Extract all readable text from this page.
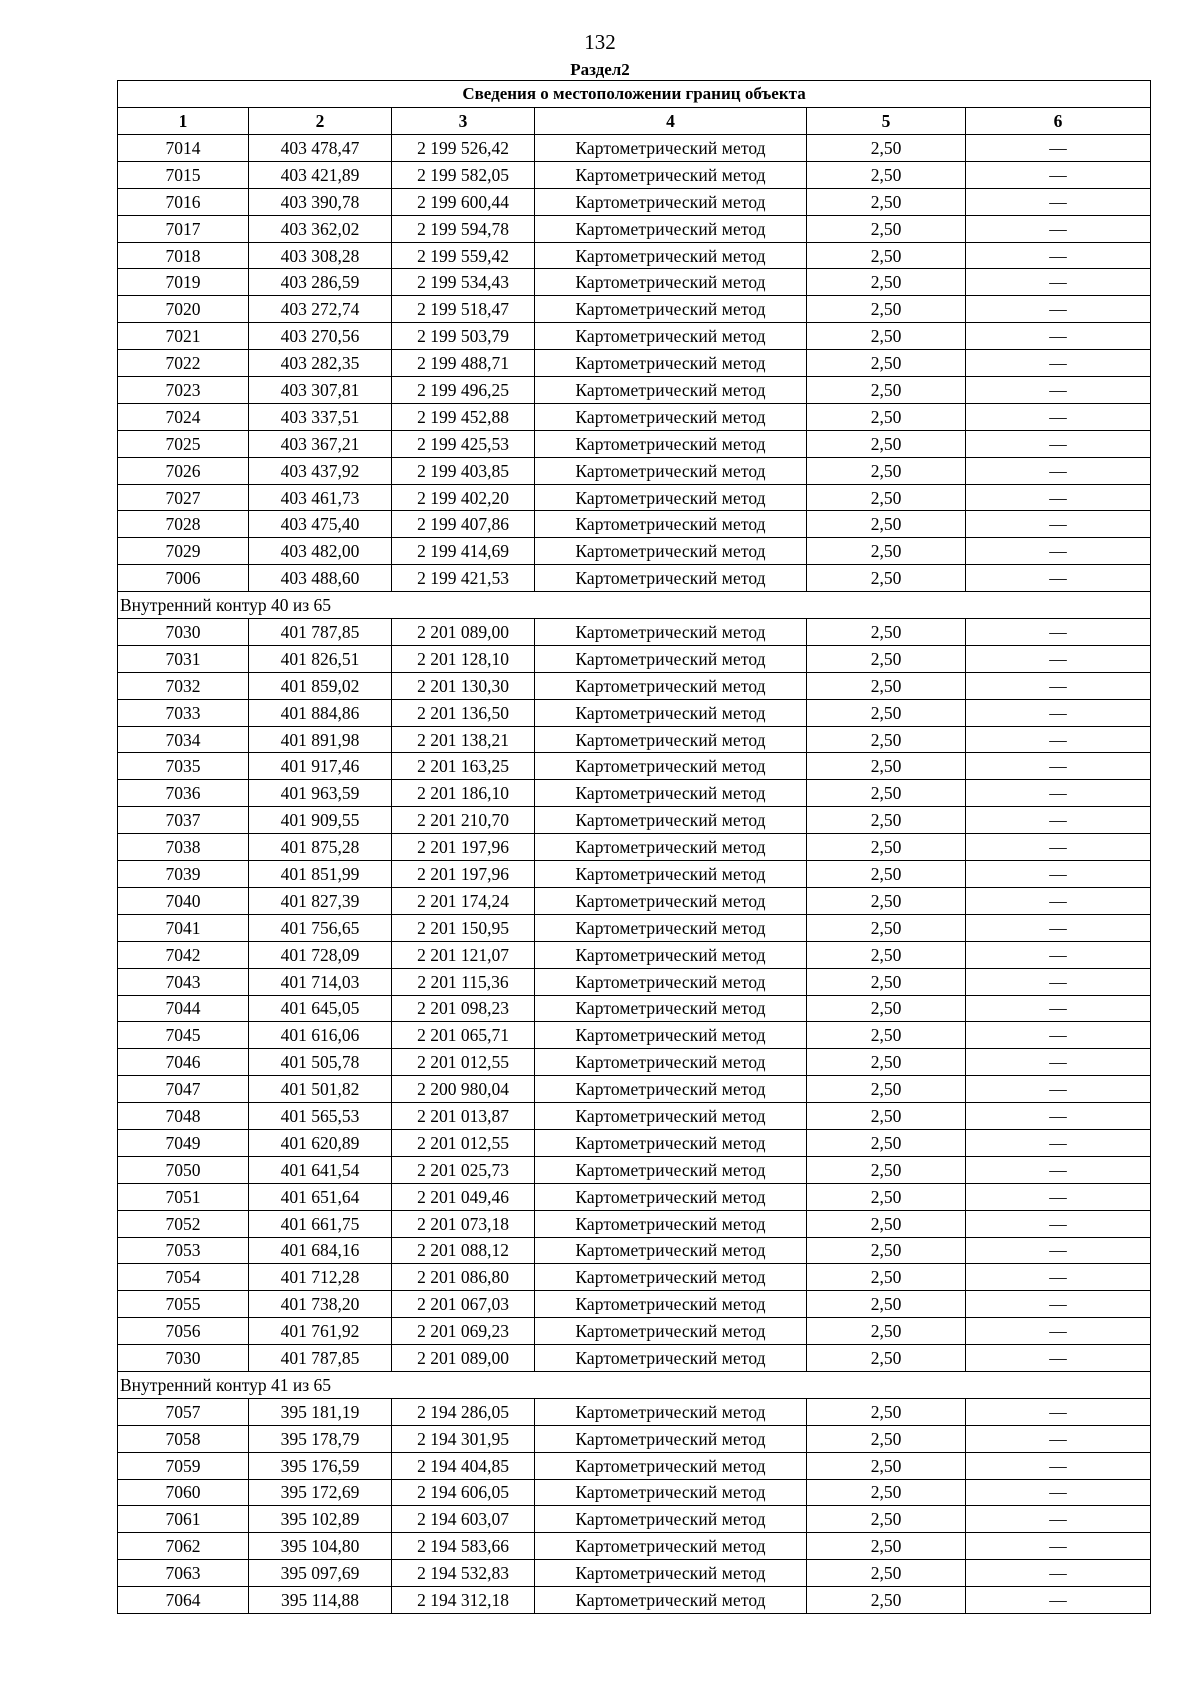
132
Раздел2
Сведения о местоположении границ объекта					
1	2	3	4	5	6
7014	403 478,47	2 199 526,42	Картометрический метод	2,50	—
7015	403 421,89	2 199 582,05	Картометрический метод	2,50	—
7016	403 390,78	2 199 600,44	Картометрический метод	2,50	—
7017	403 362,02	2 199 594,78	Картометрический метод	2,50	—
7018	403 308,28	2 199 559,42	Картометрический метод	2,50	—
7019	403 286,59	2 199 534,43	Картометрический метод	2,50	—
7020	403 272,74	2 199 518,47	Картометрический метод	2,50	—
7021	403 270,56	2 199 503,79	Картометрический метод	2,50	—
7022	403 282,35	2 199 488,71	Картометрический метод	2,50	—
7023	403 307,81	2 199 496,25	Картометрический метод	2,50	—
7024	403 337,51	2 199 452,88	Картометрический метод	2,50	—
7025	403 367,21	2 199 425,53	Картометрический метод	2,50	—
7026	403 437,92	2 199 403,85	Картометрический метод	2,50	—
7027	403 461,73	2 199 402,20	Картометрический метод	2,50	—
7028	403 475,40	2 199 407,86	Картометрический метод	2,50	—
7029	403 482,00	2 199 414,69	Картометрический метод	2,50	—
7006	403 488,60	2 199 421,53	Картометрический метод	2,50	—
Внутренний контур 40 из 65					
7030	401 787,85	2 201 089,00	Картометрический метод	2,50	—
7031	401 826,51	2 201 128,10	Картометрический метод	2,50	—
7032	401 859,02	2 201 130,30	Картометрический метод	2,50	—
7033	401 884,86	2 201 136,50	Картометрический метод	2,50	—
7034	401 891,98	2 201 138,21	Картометрический метод	2,50	—
7035	401 917,46	2 201 163,25	Картометрический метод	2,50	—
7036	401 963,59	2 201 186,10	Картометрический метод	2,50	—
7037	401 909,55	2 201 210,70	Картометрический метод	2,50	—
7038	401 875,28	2 201 197,96	Картометрический метод	2,50	—
7039	401 851,99	2 201 197,96	Картометрический метод	2,50	—
7040	401 827,39	2 201 174,24	Картометрический метод	2,50	—
7041	401 756,65	2 201 150,95	Картометрический метод	2,50	—
7042	401 728,09	2 201 121,07	Картометрический метод	2,50	—
7043	401 714,03	2 201 115,36	Картометрический метод	2,50	—
7044	401 645,05	2 201 098,23	Картометрический метод	2,50	—
7045	401 616,06	2 201 065,71	Картометрический метод	2,50	—
7046	401 505,78	2 201 012,55	Картометрический метод	2,50	—
7047	401 501,82	2 200 980,04	Картометрический метод	2,50	—
7048	401 565,53	2 201 013,87	Картометрический метод	2,50	—
7049	401 620,89	2 201 012,55	Картометрический метод	2,50	—
7050	401 641,54	2 201 025,73	Картометрический метод	2,50	—
7051	401 651,64	2 201 049,46	Картометрический метод	2,50	—
7052	401 661,75	2 201 073,18	Картометрический метод	2,50	—
7053	401 684,16	2 201 088,12	Картометрический метод	2,50	—
7054	401 712,28	2 201 086,80	Картометрический метод	2,50	—
7055	401 738,20	2 201 067,03	Картометрический метод	2,50	—
7056	401 761,92	2 201 069,23	Картометрический метод	2,50	—
7030	401 787,85	2 201 089,00	Картометрический метод	2,50	—
Внутренний контур 41 из 65					
7057	395 181,19	2 194 286,05	Картометрический метод	2,50	—
7058	395 178,79	2 194 301,95	Картометрический метод	2,50	—
7059	395 176,59	2 194 404,85	Картометрический метод	2,50	—
7060	395 172,69	2 194 606,05	Картометрический метод	2,50	—
7061	395 102,89	2 194 603,07	Картометрический метод	2,50	—
7062	395 104,80	2 194 583,66	Картометрический метод	2,50	—
7063	395 097,69	2 194 532,83	Картометрический метод	2,50	—
7064	395 114,88	2 194 312,18	Картометрический метод	2,50	—
